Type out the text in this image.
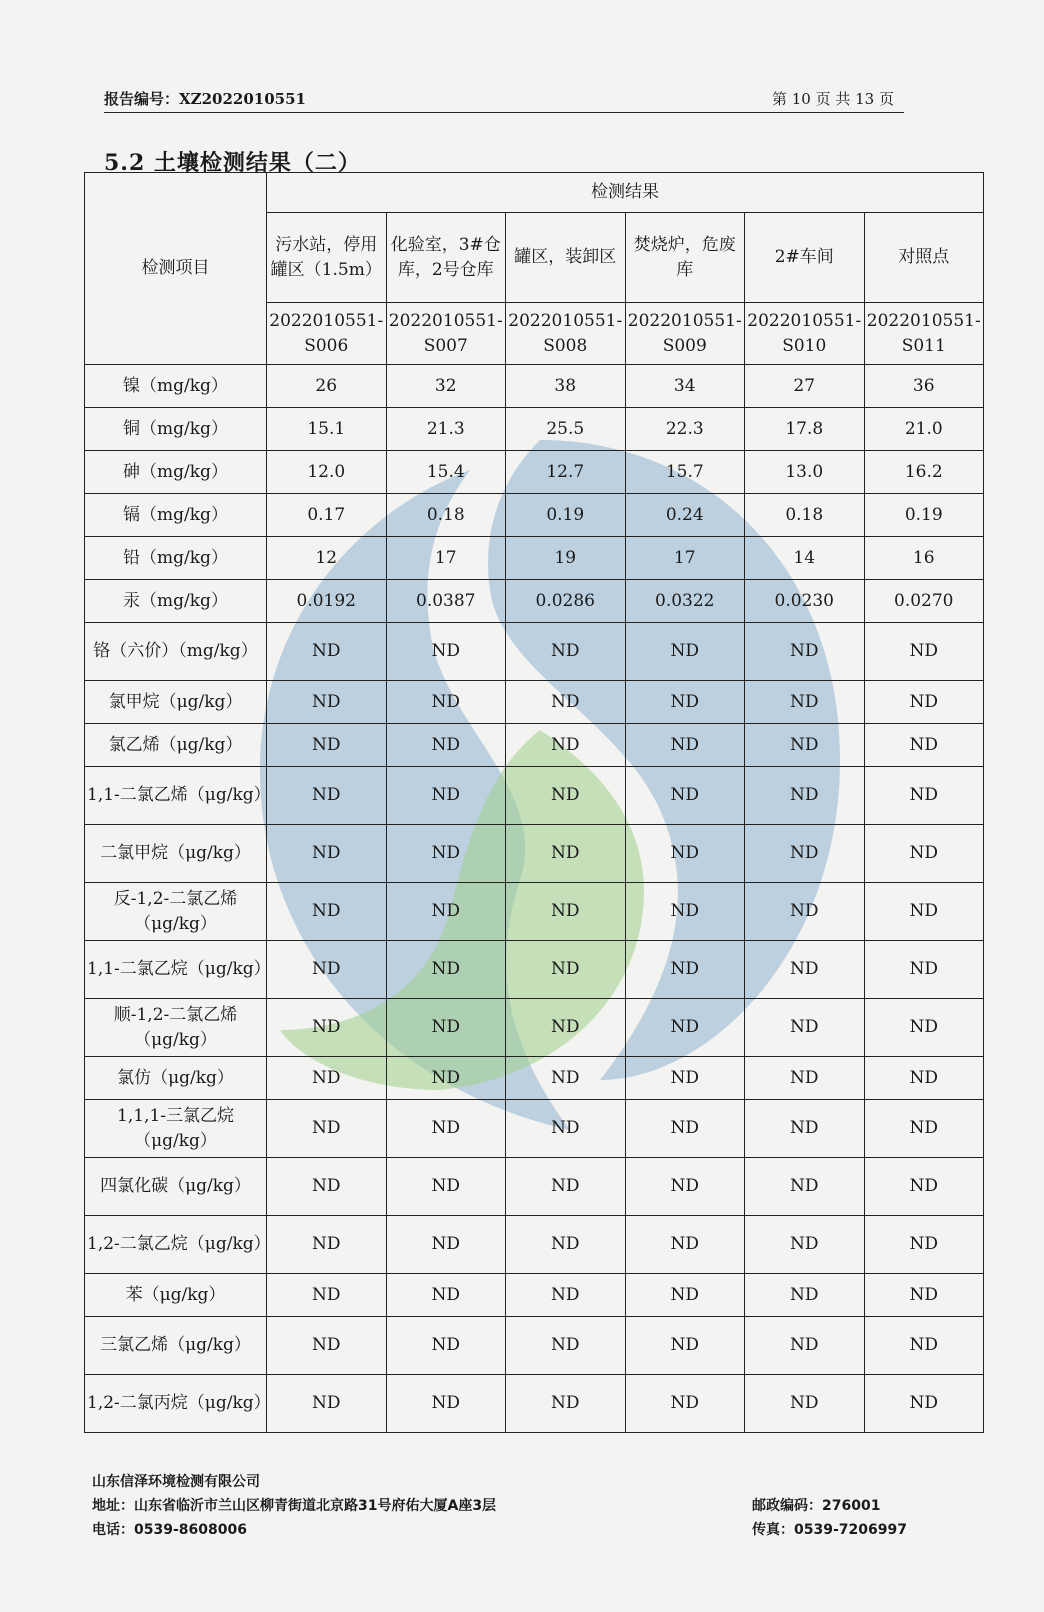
报告编号：XZ2022010551	第 10 页 共 13 页
5.2 土壤检测结果（二）
检测项目	检测结果					
	污水站，停用罐区（1.5m）	化验室，3#仓库，2号仓库	罐区，装卸区	焚烧炉，危废库	2#车间	对照点
	2022010551-S006	2022010551-S007	2022010551-S008	2022010551-S009	2022010551-S010	2022010551-S011
镍（mg/kg）	26	32	38	34	27	36
铜（mg/kg）	15.1	21.3	25.5	22.3	17.8	21.0
砷（mg/kg）	12.0	15.4	12.7	15.7	13.0	16.2
镉（mg/kg）	0.17	0.18	0.19	0.24	0.18	0.19
铅（mg/kg）	12	17	19	17	14	16
汞（mg/kg）	0.0192	0.0387	0.0286	0.0322	0.0230	0.0270
铬（六价）（mg/kg）	ND	ND	ND	ND	ND	ND
氯甲烷（μg/kg）	ND	ND	ND	ND	ND	ND
氯乙烯（μg/kg）	ND	ND	ND	ND	ND	ND
1,1-二氯乙烯（μg/kg）	ND	ND	ND	ND	ND	ND
二氯甲烷（μg/kg）	ND	ND	ND	ND	ND	ND
反-1,2-二氯乙烯（μg/kg）	ND	ND	ND	ND	ND	ND
1,1-二氯乙烷（μg/kg）	ND	ND	ND	ND	ND	ND
顺-1,2-二氯乙烯（μg/kg）	ND	ND	ND	ND	ND	ND
氯仿（μg/kg）	ND	ND	ND	ND	ND	ND
1,1,1-三氯乙烷（μg/kg）	ND	ND	ND	ND	ND	ND
四氯化碳（μg/kg）	ND	ND	ND	ND	ND	ND
1,2-二氯乙烷（μg/kg）	ND	ND	ND	ND	ND	ND
苯（μg/kg）	ND	ND	ND	ND	ND	ND
三氯乙烯（μg/kg）	ND	ND	ND	ND	ND	ND
1,2-二氯丙烷（μg/kg）	ND	ND	ND	ND	ND	ND
山东信泽环境检测有限公司
地址：山东省临沂市兰山区柳青街道北京路31号府佑大厦A座3层
电话：0539-8608006
邮政编码：276001
传真：0539-7206997
